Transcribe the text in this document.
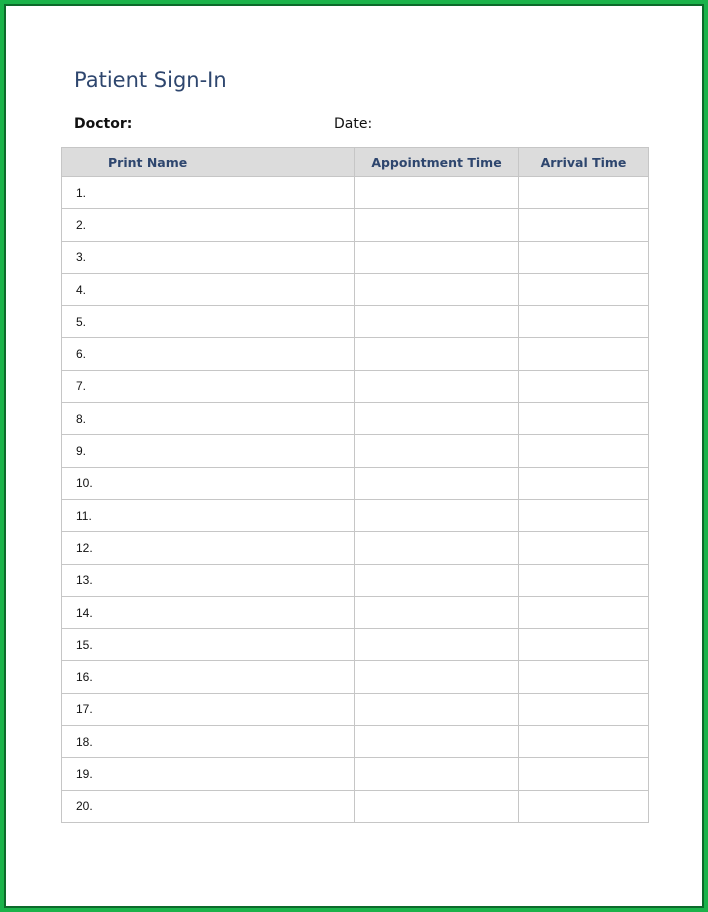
Patient Sign-In
Doctor:	Date:
Print Name	Appointment Time	Arrival Time
1.		
2.		
3.		
4.		
5.		
6.		
7.		
8.		
9.		
10.		
11.		
12.		
13.		
14.		
15.		
16.		
17.		
18.		
19.		
20.		
